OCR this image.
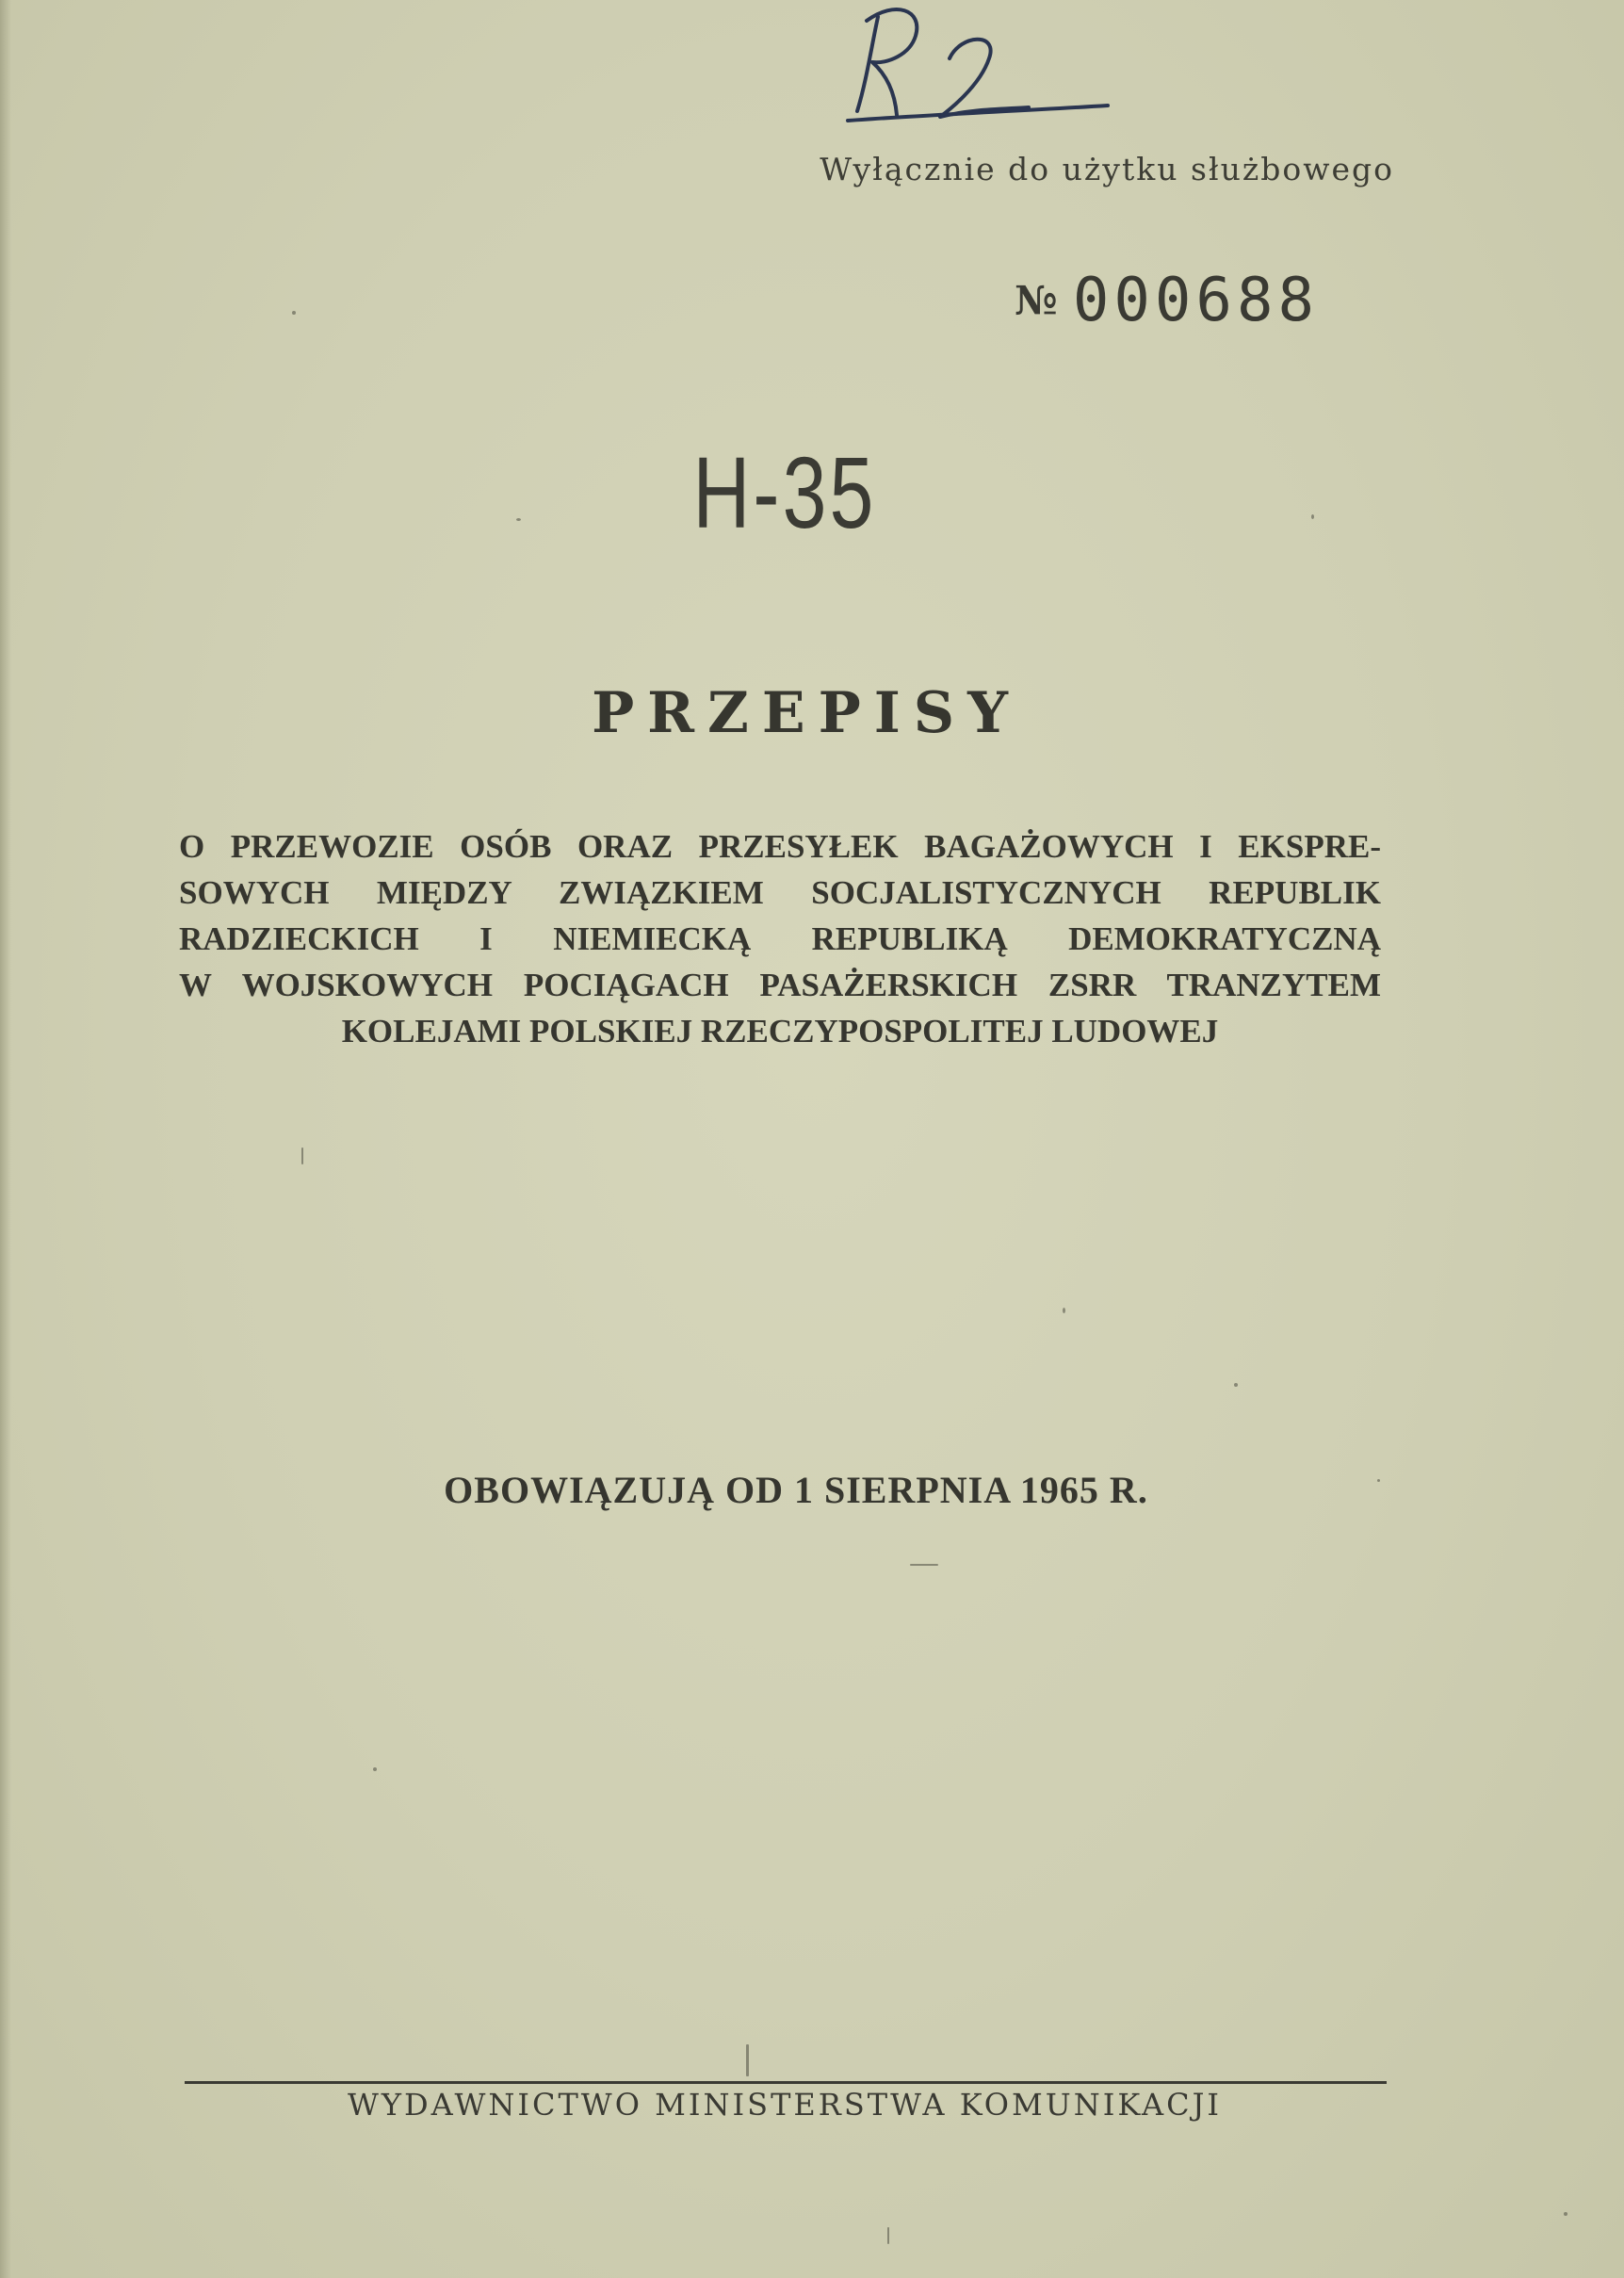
Wyłącznie do użytku służbowego
№ 000688
H-35
PRZEPISY
O PRZEWOZIE OSÓB ORAZ PRZESYŁEK BAGAŻOWYCH I EKSPRE-
SOWYCH MIĘDZY ZWIĄZKIEM SOCJALISTYCZNYCH REPUBLIK
RADZIECKICH I NIEMIECKĄ REPUBLIKĄ DEMOKRATYCZNĄ
W WOJSKOWYCH POCIĄGACH PASAŻERSKICH ZSRR TRANZYTEM
KOLEJAMI POLSKIEJ RZECZYPOSPOLITEJ LUDOWEJ
OBOWIĄZUJĄ OD 1 SIERPNIA 1965 R.
WYDAWNICTWO MINISTERSTWA KOMUNIKACJI
